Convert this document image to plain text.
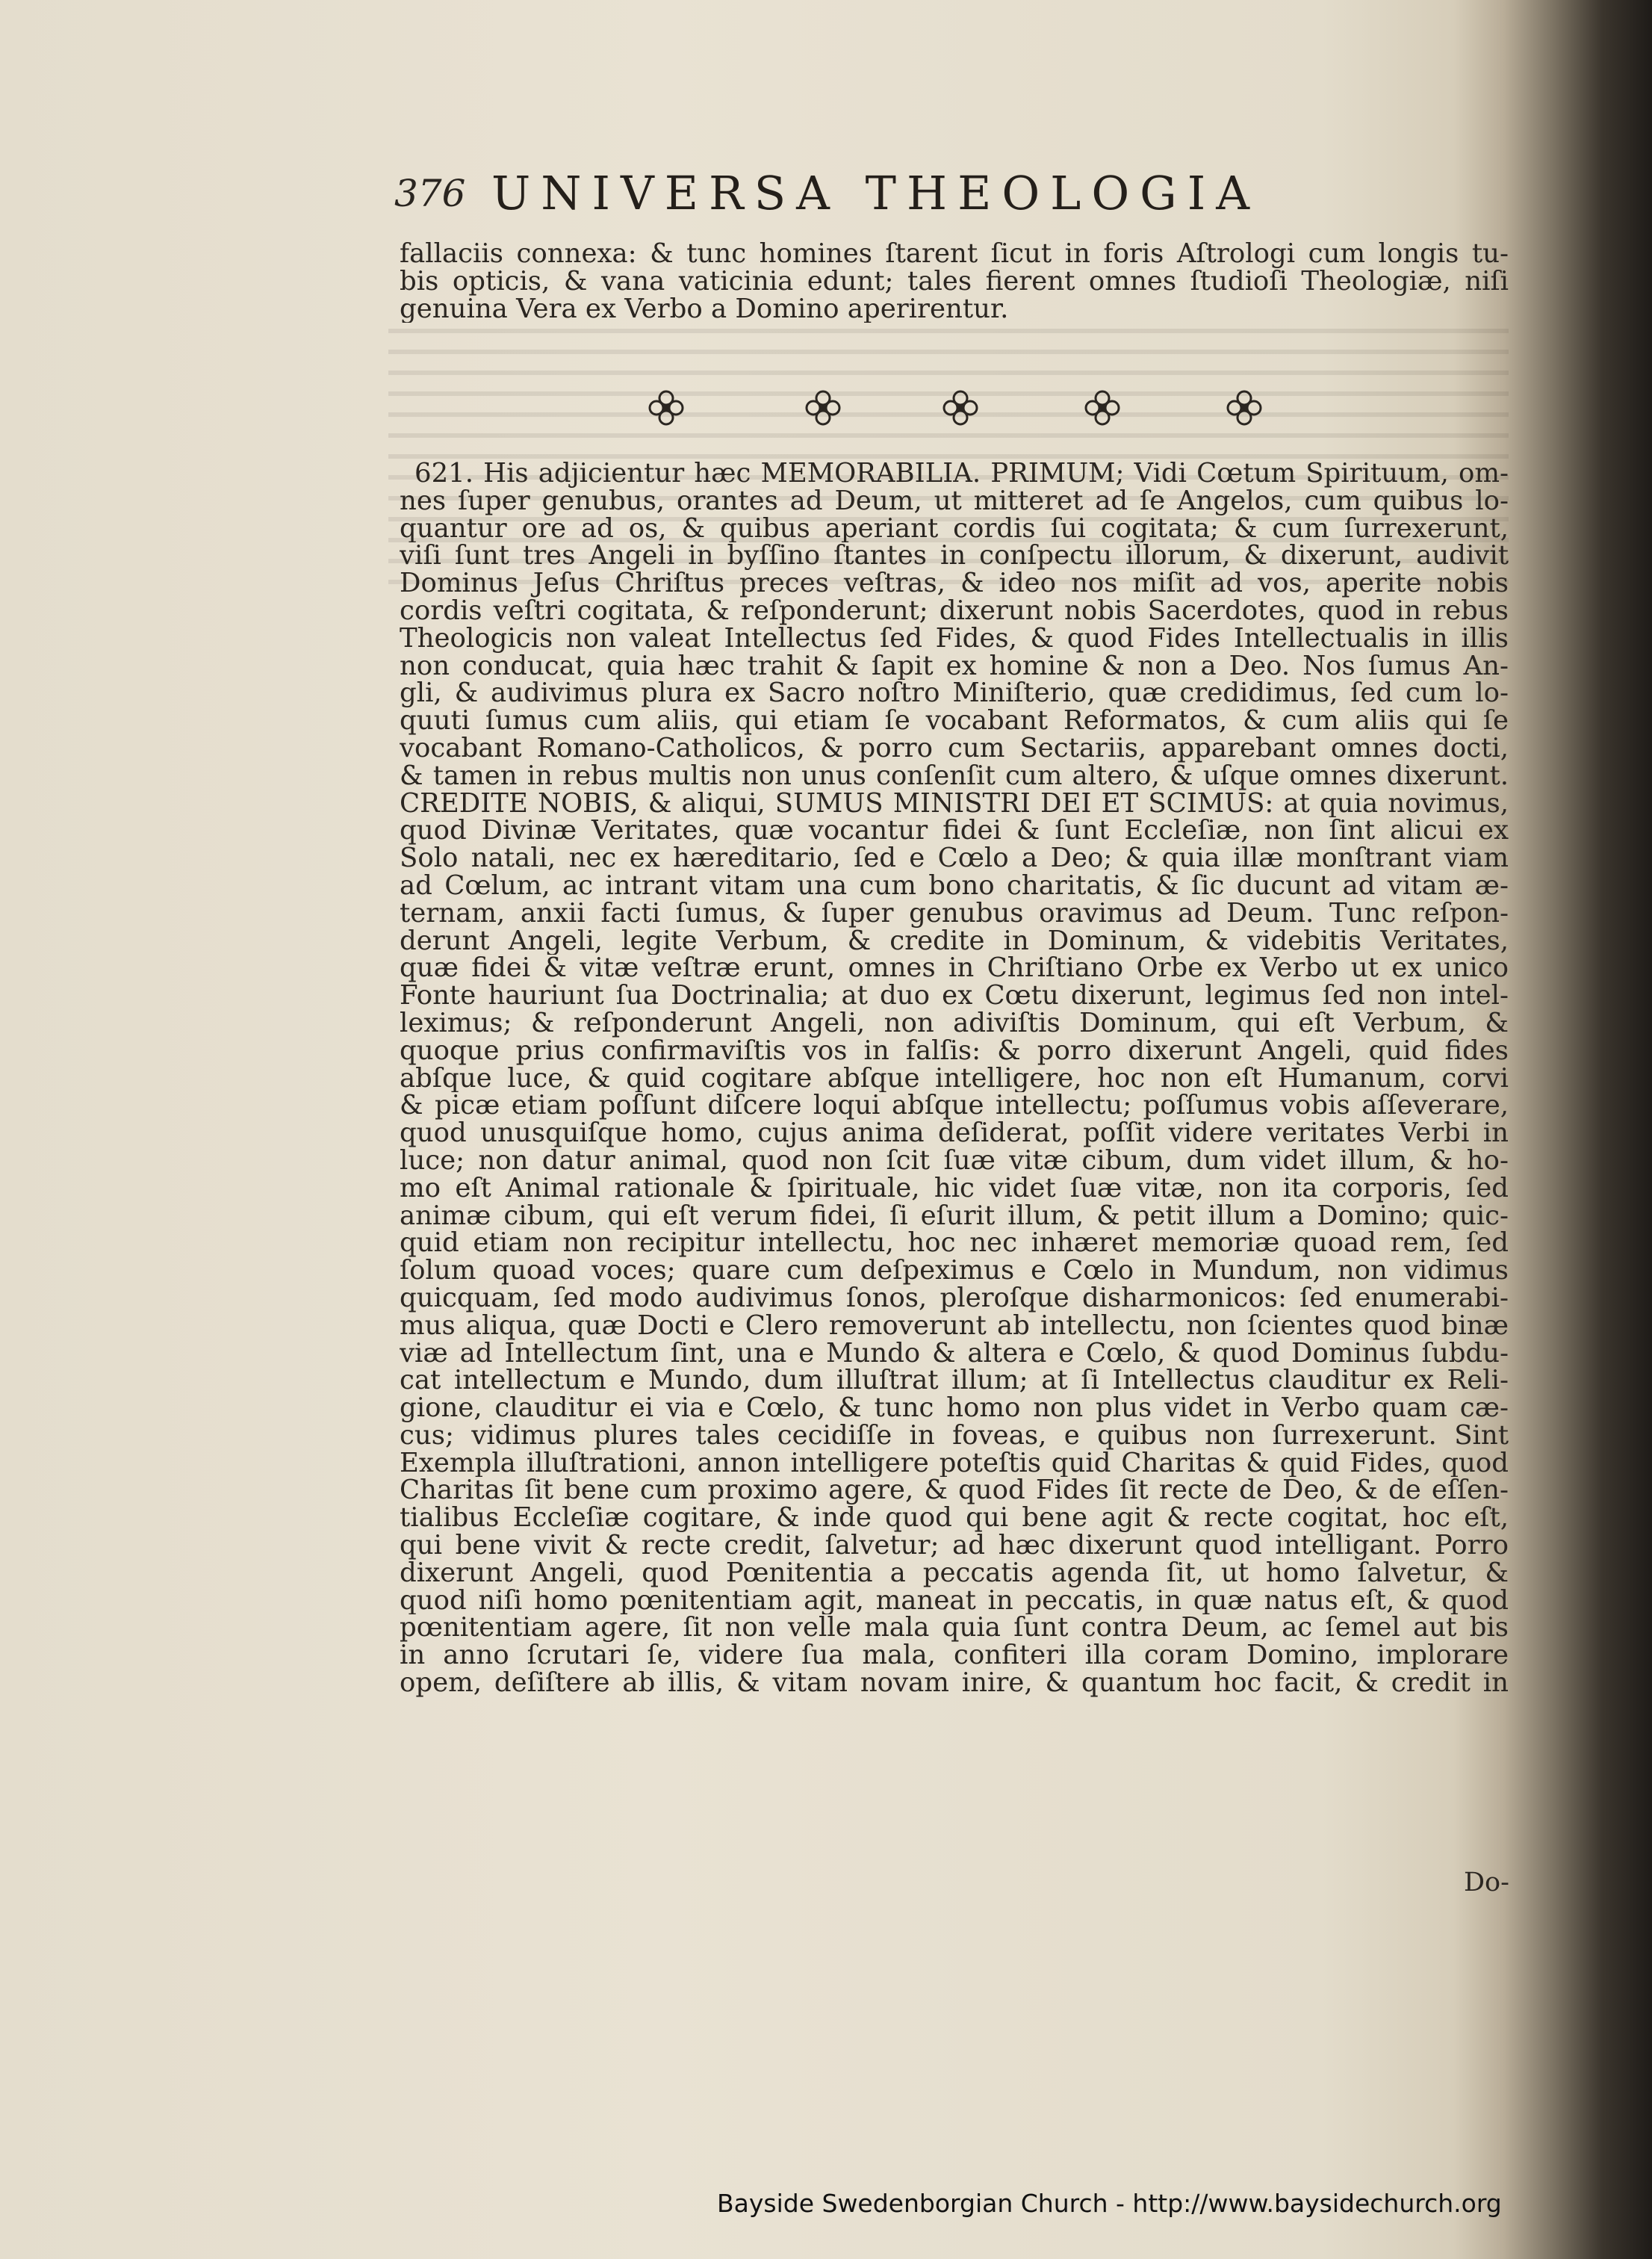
376 UNIVERSA THEOLOGIA
fallaciis connexa: & tunc homines ſtarent ſicut in foris Aſtrologi cum longis tu-
bis opticis, & vana vaticinia edunt; tales fierent omnes ſtudioſi Theologiæ, niſi
genuina Vera ex Verbo a Domino aperirentur.
621. His adjicientur hæc MEMORABILIA. PRIMUM; Vidi Cœtum Spirituum, om-
nes ſuper genubus, orantes ad Deum, ut mitteret ad ſe Angelos, cum quibus lo-
quantur ore ad os, & quibus aperiant cordis ſui cogitata; & cum ſurrexerunt,
viſi ſunt tres Angeli in byſſino ſtantes in conſpectu illorum, & dixerunt, audivit
Dominus Jeſus Chriſtus preces veſtras, & ideo nos miſit ad vos, aperite nobis
cordis veſtri cogitata, & reſponderunt; dixerunt nobis Sacerdotes, quod in rebus
Theologicis non valeat Intellectus ſed Fides, & quod Fides Intellectualis in illis
non conducat, quia hæc trahit & ſapit ex homine & non a Deo. Nos ſumus An-
gli, & audivimus plura ex Sacro noſtro Miniſterio, quæ credidimus, ſed cum lo-
quuti ſumus cum aliis, qui etiam ſe vocabant Reformatos, & cum aliis qui ſe
vocabant Romano-Catholicos, & porro cum Sectariis, apparebant omnes docti,
& tamen in rebus multis non unus conſenſit cum altero, & uſque omnes dixerunt.
CREDITE NOBIS, & aliqui, SUMUS MINISTRI DEI ET SCIMUS: at quia novimus,
quod Divinæ Veritates, quæ vocantur fidei & ſunt Eccleſiæ, non ſint alicui ex
Solo natali, nec ex hæreditario, ſed e Cœlo a Deo; & quia illæ monſtrant viam
ad Cœlum, ac intrant vitam una cum bono charitatis, & ſic ducunt ad vitam æ-
ternam, anxii facti ſumus, & ſuper genubus oravimus ad Deum. Tunc reſpon-
derunt Angeli, legite Verbum, & credite in Dominum, & videbitis Veritates,
quæ fidei & vitæ veſtræ erunt, omnes in Chriſtiano Orbe ex Verbo ut ex unico
Fonte hauriunt ſua Doctrinalia; at duo ex Cœtu dixerunt, legimus ſed non intel-
leximus; & reſponderunt Angeli, non adiviſtis Dominum, qui eſt Verbum, &
quoque prius confirmaviſtis vos in falſis: & porro dixerunt Angeli, quid fides
abſque luce, & quid cogitare abſque intelligere, hoc non eſt Humanum, corvi
& picæ etiam poſſunt diſcere loqui abſque intellectu; poſſumus vobis aſſeverare,
quod unusquiſque homo, cujus anima deſiderat, poſſit videre veritates Verbi in
luce; non datur animal, quod non ſcit ſuæ vitæ cibum, dum videt illum, & ho-
mo eſt Animal rationale & ſpirituale, hic videt ſuæ vitæ, non ita corporis, ſed
animæ cibum, qui eſt verum fidei, ſi eſurit illum, & petit illum a Domino; quic-
quid etiam non recipitur intellectu, hoc nec inhæret memoriæ quoad rem, ſed
ſolum quoad voces; quare cum deſpeximus e Cœlo in Mundum, non vidimus
quicquam, ſed modo audivimus ſonos, pleroſque disharmonicos: ſed enumerabi-
mus aliqua, quæ Docti e Clero removerunt ab intellectu, non ſcientes quod binæ
viæ ad Intellectum ſint, una e Mundo & altera e Cœlo, & quod Dominus ſubdu-
cat intellectum e Mundo, dum illuſtrat illum; at ſi Intellectus clauditur ex Reli-
gione, clauditur ei via e Cœlo, & tunc homo non plus videt in Verbo quam cæ-
cus; vidimus plures tales cecidiſſe in foveas, e quibus non ſurrexerunt. Sint
Exempla illuſtrationi, annon intelligere poteſtis quid Charitas & quid Fides, quod
Charitas ſit bene cum proximo agere, & quod Fides ſit recte de Deo, & de eſſen-
tialibus Eccleſiæ cogitare, & inde quod qui bene agit & recte cogitat, hoc eſt,
qui bene vivit & recte credit, ſalvetur; ad hæc dixerunt quod intelligant. Porro
dixerunt Angeli, quod Pœnitentia a peccatis agenda ſit, ut homo ſalvetur, &
quod niſi homo pœnitentiam agit, maneat in peccatis, in quæ natus eſt, & quod
pœnitentiam agere, ſit non velle mala quia ſunt contra Deum, ac ſemel aut bis
in anno ſcrutari ſe, videre ſua mala, confiteri illa coram Domino, implorare
opem, deſiſtere ab illis, & vitam novam inire, & quantum hoc facit, & credit in
Do-
Bayside Swedenborgian Church - http://www.baysidechurch.org
